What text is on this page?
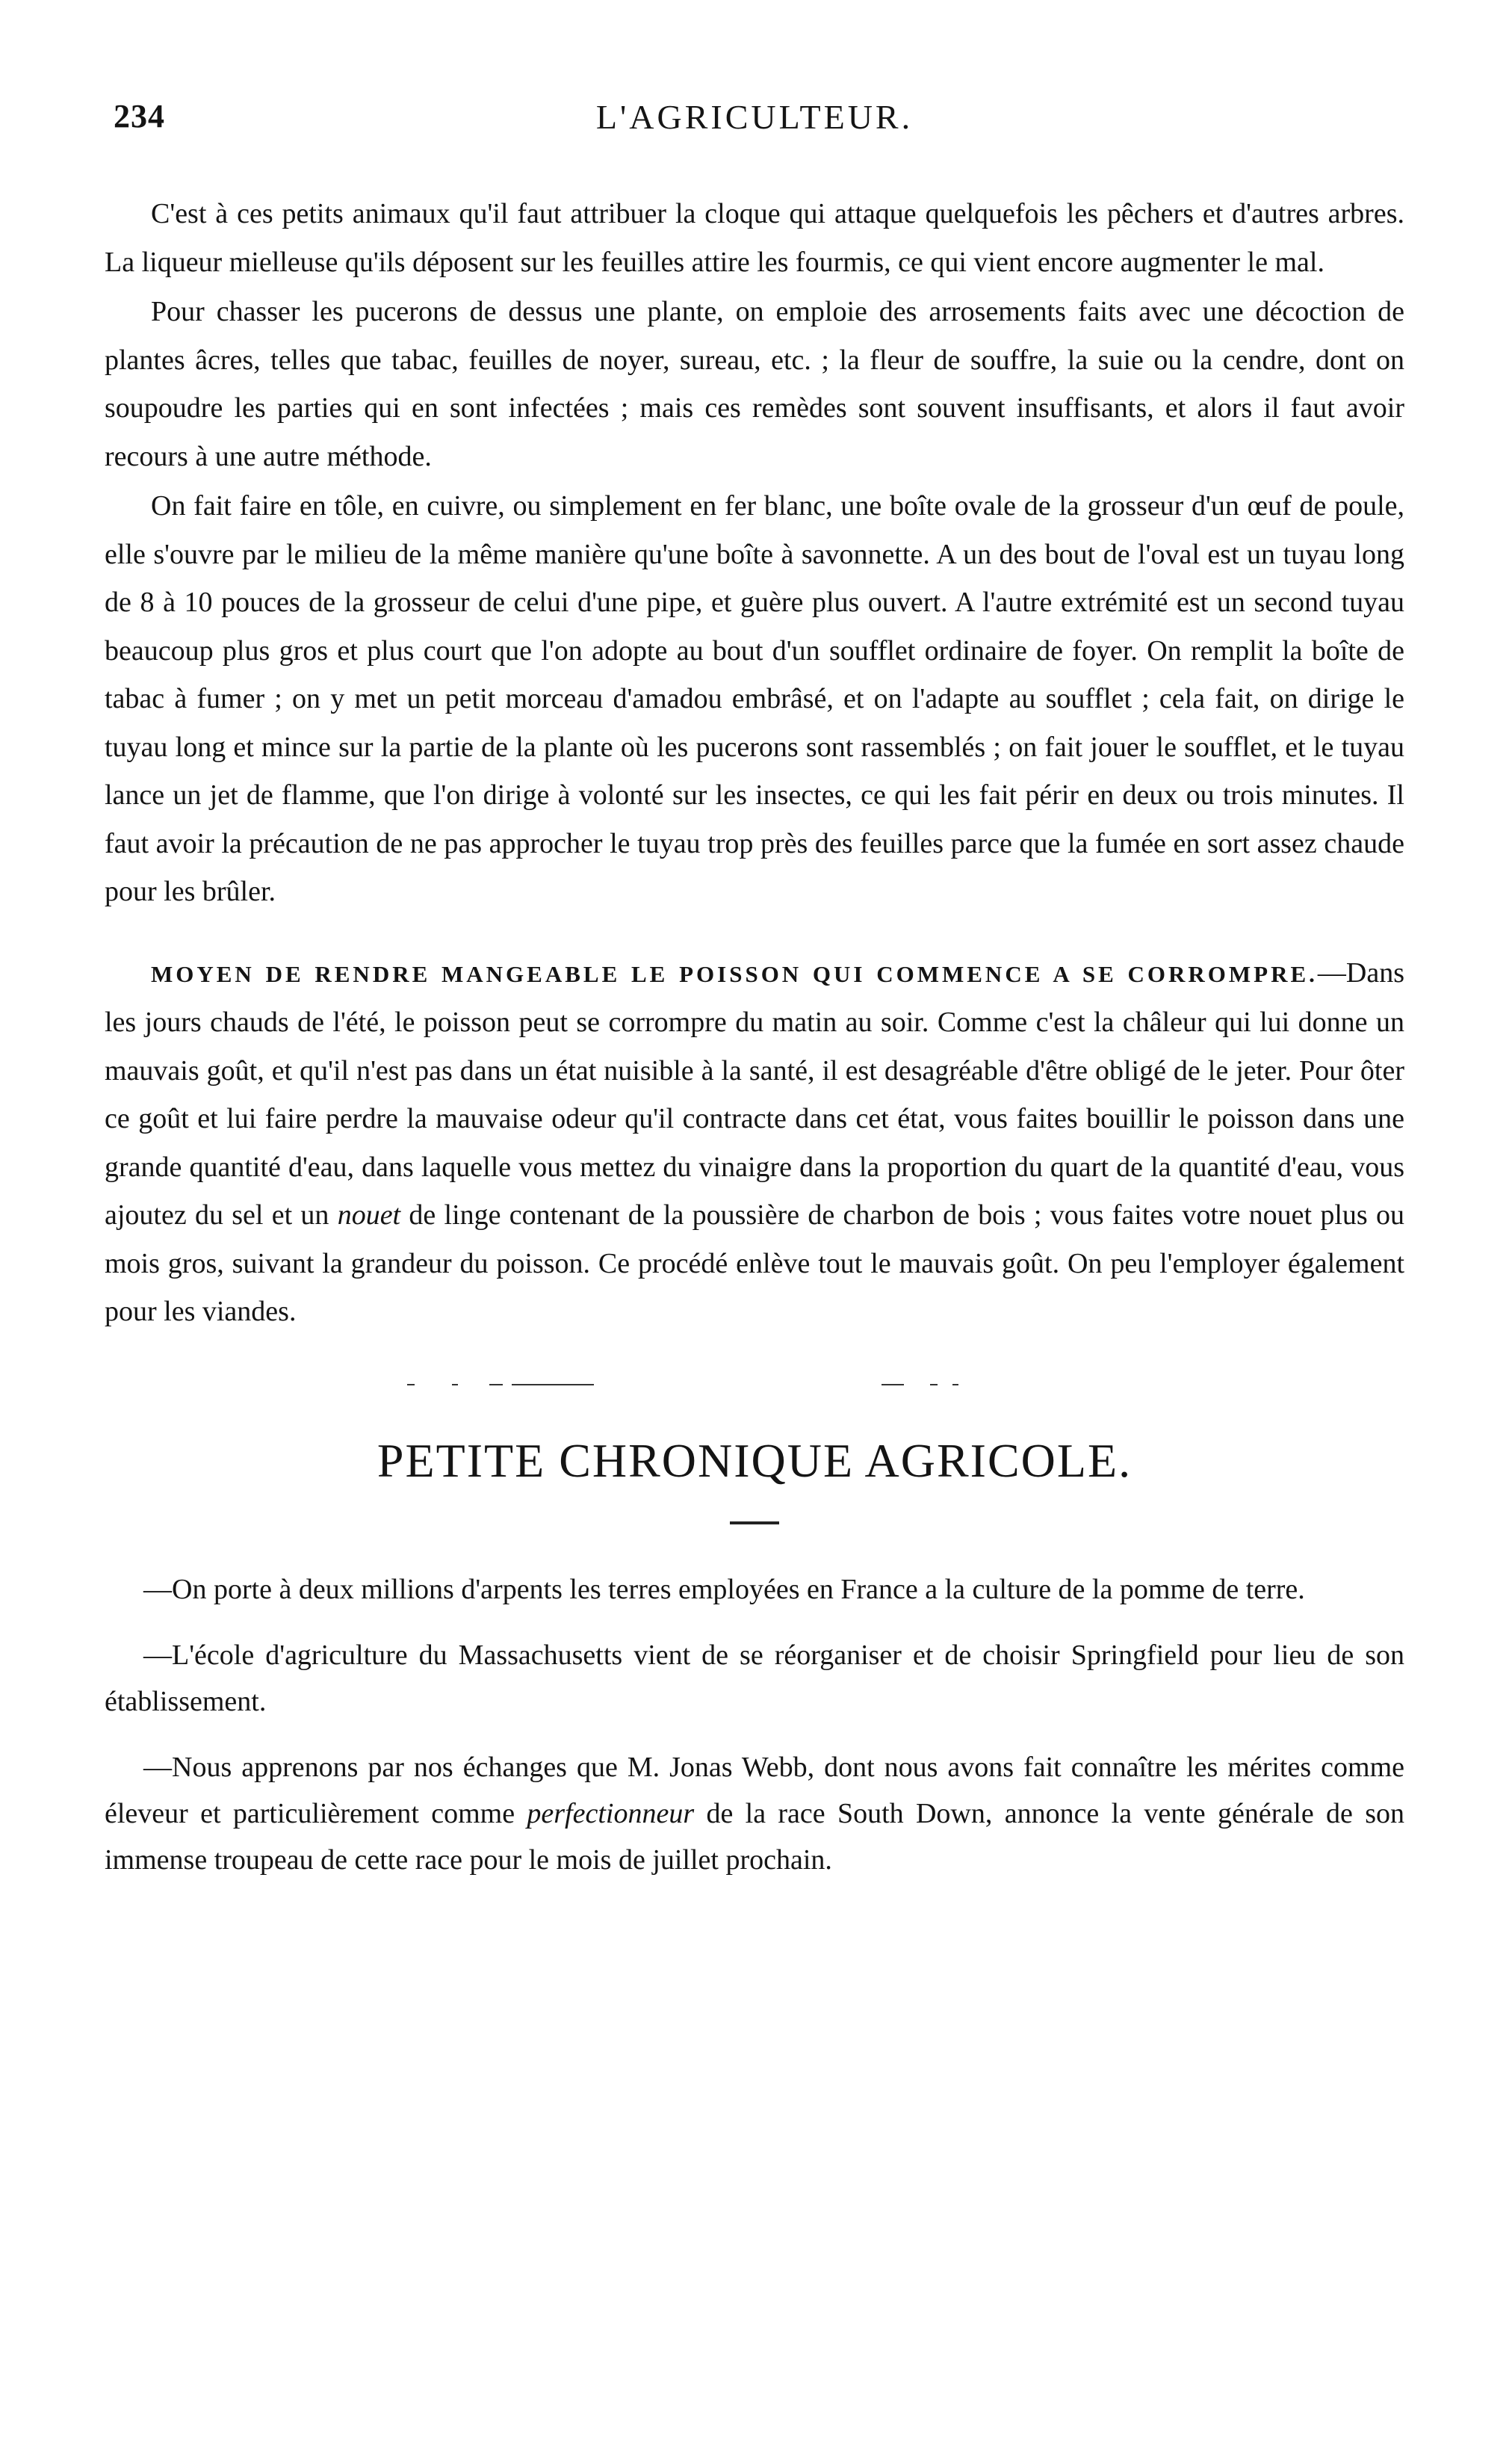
234	L'AGRICULTEUR.

C'est à ces petits animaux qu'il faut attribuer la cloque qui attaque quelquefois les pêchers et d'autres arbres. La liqueur mielleuse qu'ils déposent sur les feuilles attire les fourmis, ce qui vient encore augmenter le mal.

Pour chasser les pucerons de dessus une plante, on emploie des arrosements faits avec une décoction de plantes âcres, telles que tabac, feuilles de noyer, sureau, etc. ; la fleur de souffre, la suie ou la cendre, dont on soupoudre les parties qui en sont infectées ; mais ces remèdes sont souvent insuffisants, et alors il faut avoir recours à une autre méthode.

On fait faire en tôle, en cuivre, ou simplement en fer blanc, une boîte ovale de la grosseur d'un œuf de poule, elle s'ouvre par le milieu de la même manière qu'une boîte à savonnette. A un des bout de l'oval est un tuyau long de 8 à 10 pouces de la grosseur de celui d'une pipe, et guère plus ouvert. A l'autre extrémité est un second tuyau beaucoup plus gros et plus court que l'on adopte au bout d'un soufflet ordinaire de foyer. On remplit la boîte de tabac à fumer ; on y met un petit morceau d'amadou embrâsé, et on l'adapte au soufflet ; cela fait, on dirige le tuyau long et mince sur la partie de la plante où les pucerons sont rassemblés ; on fait jouer le soufflet, et le tuyau lance un jet de flamme, que l'on dirige à volonté sur les insectes, ce qui les fait périr en deux ou trois minutes. Il faut avoir la précaution de ne pas approcher le tuyau trop près des feuilles parce que la fumée en sort assez chaude pour les brûler.

MOYEN DE RENDRE MANGEABLE LE POISSON QUI COMMENCE A SE CORROMPRE.—Dans les jours chauds de l'été, le poisson peut se corrompre du matin au soir. Comme c'est la châleur qui lui donne un mauvais goût, et qu'il n'est pas dans un état nuisible à la santé, il est desagréable d'être obligé de le jeter. Pour ôter ce goût et lui faire perdre la mauvaise odeur qu'il contracte dans cet état, vous faites bouillir le poisson dans une grande quantité d'eau, dans laquelle vous mettez du vinaigre dans la proportion du quart de la quantité d'eau, vous ajoutez du sel et un nouet de linge contenant de la poussière de charbon de bois ; vous faites votre nouet plus ou mois gros, suivant la grandeur du poisson. Ce procédé enlève tout le mauvais goût. On peu l'employer également pour les viandes.

PETITE CHRONIQUE AGRICOLE.

—On porte à deux millions d'arpents les terres employées en France a la culture de la pomme de terre.

—L'école d'agriculture du Massachusetts vient de se réorganiser et de choisir Springfield pour lieu de son établissement.

—Nous apprenons par nos échanges que M. Jonas Webb, dont nous avons fait connaître les mérites comme éleveur et particulièrement comme perfectionneur de la race South Down, annonce la vente générale de son immense troupeau de cette race pour le mois de juillet prochain.
